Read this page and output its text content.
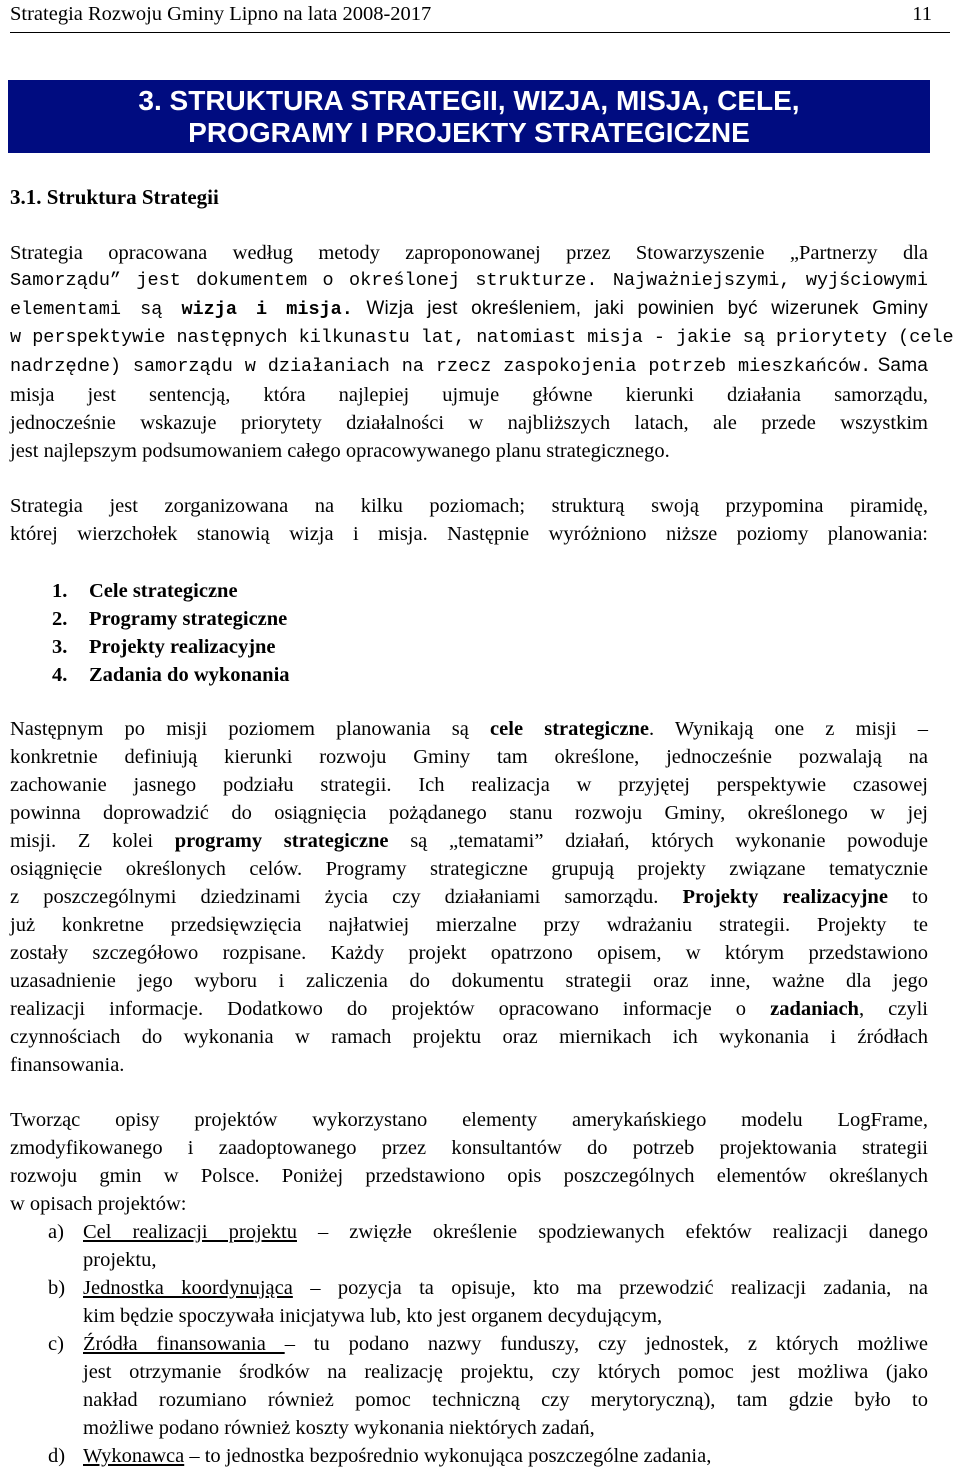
Strategia Rozwoju Gminy Lipno na lata 2008-2017	11
3. STRUKTURA STRATEGII, WIZJA, MISJA, CELE,
PROGRAMY I PROJEKTY STRATEGICZNE
3.1. Struktura Strategii
Strategia opracowana według metody zaproponowanej przez Stowarzyszenie „Partnerzy dla
Samorządu” jest dokumentem o określonej strukturze. Najważniejszymi, wyjściowymi
elementami są wizja i misja. Wizja jest określeniem, jaki powinien być wizerunek Gminy
w perspektywie następnych kilkunastu lat, natomiast misja - jakie są priorytety (cele
nadrzędne) samorządu w działaniach na rzecz zaspokojenia potrzeb mieszkańców. Sama
misja jest sentencją, która najlepiej ujmuje główne kierunki działania samorządu,
jednocześnie wskazuje priorytety działalności w najbliższych latach, ale przede wszystkim
jest najlepszym podsumowaniem całego opracowywanego planu strategicznego.
Strategia jest zorganizowana na kilku poziomach; strukturą swoją przypomina piramidę,
której wierzchołek stanowią wizja i misja. Następnie wyróżniono niższe poziomy planowania:
1. Cele strategiczne
2. Programy strategiczne
3. Projekty realizacyjne
4. Zadania do wykonania
Następnym po misji poziomem planowania są cele strategiczne. Wynikają one z misji –
konkretnie definiują kierunki rozwoju Gminy tam określone, jednocześnie pozwalają na
zachowanie jasnego podziału strategii. Ich realizacja w przyjętej perspektywie czasowej
powinna doprowadzić do osiągnięcia pożądanego stanu rozwoju Gminy, określonego w jej
misji. Z kolei programy strategiczne są „tematami” działań, których wykonanie powoduje
osiągnięcie określonych celów. Programy strategiczne grupują projekty związane tematycznie
z poszczególnymi dziedzinami życia czy działaniami samorządu. Projekty realizacyjne to
już konkretne przedsięwzięcia najłatwiej mierzalne przy wdrażaniu strategii. Projekty te
zostały szczegółowo rozpisane. Każdy projekt opatrzono opisem, w którym przedstawiono
uzasadnienie jego wyboru i zaliczenia do dokumentu strategii oraz inne, ważne dla jego
realizacji informacje. Dodatkowo do projektów opracowano informacje o zadaniach, czyli
czynnościach do wykonania w ramach projektu oraz miernikach ich wykonania i źródłach
finansowania.
Tworząc opisy projektów wykorzystano elementy amerykańskiego modelu LogFrame,
zmodyfikowanego i zaadoptowanego przez konsultantów do potrzeb projektowania strategii
rozwoju gmin w Polsce. Poniżej przedstawiono opis poszczególnych elementów określanych
w opisach projektów:
a) Cel realizacji projektu – zwięzłe określenie spodziewanych efektów realizacji danego
projektu,
b) Jednostka koordynująca – pozycja ta opisuje, kto ma przewodzić realizacji zadania, na
kim będzie spoczywała inicjatywa lub, kto jest organem decydującym,
c) Źródła finansowania – tu podano nazwy funduszy, czy jednostek, z których możliwe
jest otrzymanie środków na realizację projektu, czy których pomoc jest możliwa (jako
nakład rozumiano również pomoc techniczną czy merytoryczną), tam gdzie było to
możliwe podano również koszty wykonania niektórych zadań,
d) Wykonawca – to jednostka bezpośrednio wykonująca poszczególne zadania,
